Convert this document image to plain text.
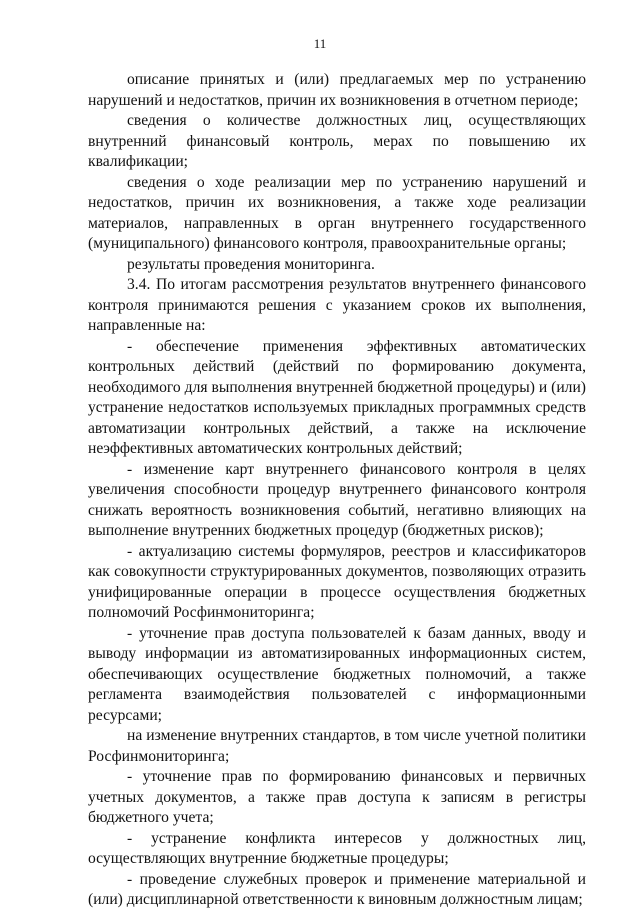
11

описание принятых и (или) предлагаемых мер по устранению нарушений и недостатков, причин их возникновения в отчетном периоде;

сведения о количестве должностных лиц, осуществляющих внутренний финансовый контроль, мерах по повышению их квалификации;

сведения о ходе реализации мер по устранению нарушений и недостатков, причин их возникновения, а также ходе реализации материалов, направленных в орган внутреннего государственного (муниципального) финансового контроля, правоохранительные органы;

результаты проведения мониторинга.

3.4. По итогам рассмотрения результатов внутреннего финансового контроля принимаются решения с указанием сроков их выполнения, направленные на:

- обеспечение применения эффективных автоматических контрольных действий (действий по формированию документа, необходимого для выполнения внутренней бюджетной процедуры) и (или) устранение недостатков используемых прикладных программных средств автоматизации контрольных действий, а также на исключение неэффективных автоматических контрольных действий;

- изменение карт внутреннего финансового контроля в целях увеличения способности процедур внутреннего финансового контроля снижать вероятность возникновения событий, негативно влияющих на выполнение внутренних бюджетных процедур (бюджетных рисков);

- актуализацию системы формуляров, реестров и классификаторов как совокупности структурированных документов, позволяющих отразить унифицированные операции в процессе осуществления бюджетных полномочий Росфинмониторинга;

- уточнение прав доступа пользователей к базам данных, вводу и выводу информации из автоматизированных информационных систем, обеспечивающих осуществление бюджетных полномочий, а также регламента взаимодействия пользователей с информационными ресурсами;

на изменение внутренних стандартов, в том числе учетной политики Росфинмониторинга;

- уточнение прав по формированию финансовых и первичных учетных документов, а также прав доступа к записям в регистры бюджетного учета;

- устранение конфликта интересов у должностных лиц, осуществляющих внутренние бюджетные процедуры;

- проведение служебных проверок и применение материальной и (или) дисциплинарной ответственности к виновным должностным лицам;
